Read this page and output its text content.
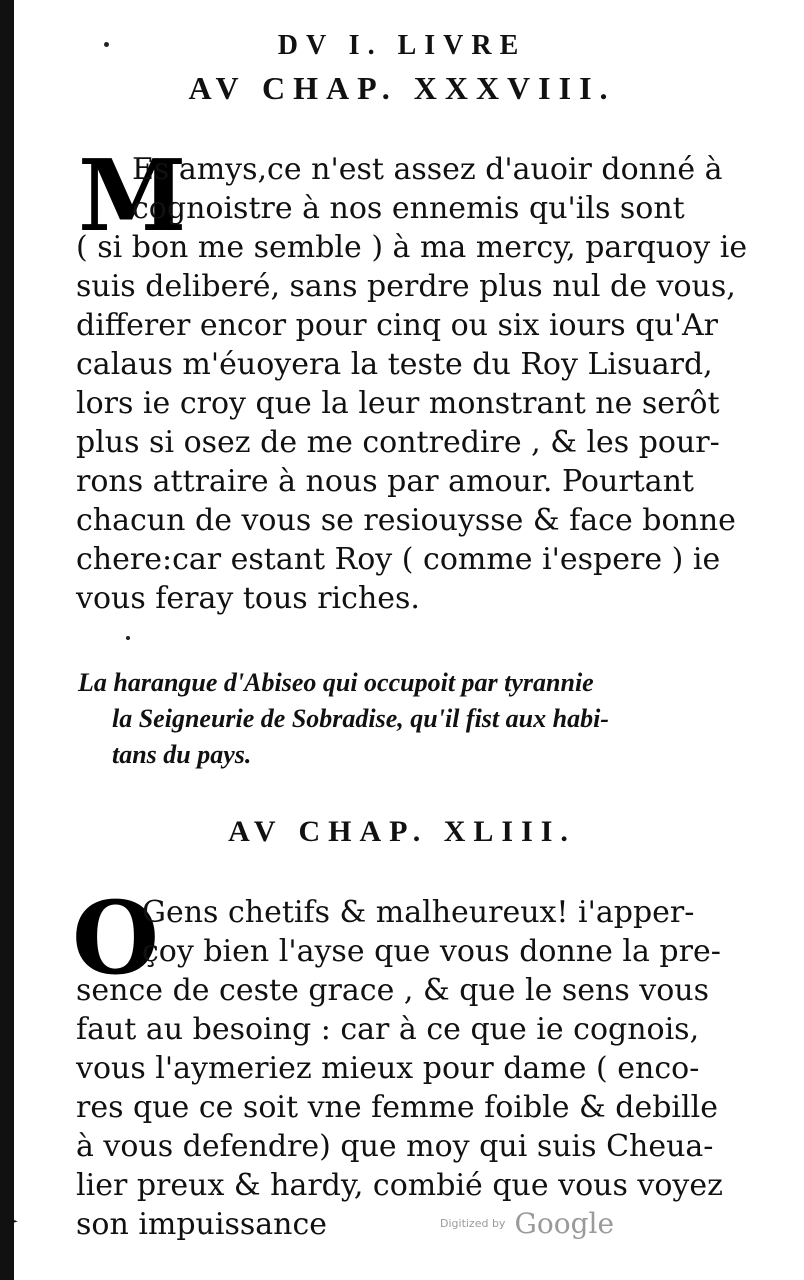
DV I. LIVRE
AV CHAP. XXXVIII.
M
Es amys,ce n'est assez d'auoir donné à
cognoistre à nos ennemis qu'ils sont
( si bon me semble ) à ma mercy, parquoy ie
suis deliberé, sans perdre plus nul de vous,
differer encor pour cinq ou six iours qu'Ar
calaus m'éuoyera la teste du Roy Lisuard,
lors ie croy que la leur monstrant ne serôt
plus si osez de me contredire , & les pour-
rons attraire à nous par amour. Pourtant
chacun de vous se resiouysse & face bonne
chere:car estant Roy ( comme i'espere ) ie
vous feray tous riches.
La harangue d'Abiseo qui occupoit par tyrannie
la Seigneurie de Sobradise, qu'il fist aux habi-
tans du pays.
AV CHAP. XLIII.
O
Gens chetifs & malheureux! i'apper-
çoy bien l'ayse que vous donne la pre-
sence de ceste grace , & que le sens vous
faut au besoing : car à ce que ie cognois,
vous l'aymeriez mieux pour dame ( enco-
res que ce soit vne femme foible & debille
à vous defendre) que moy qui suis Cheua-
lier preux & hardy, combié que vous voyez
son impuissance
►	Digitized by Google
